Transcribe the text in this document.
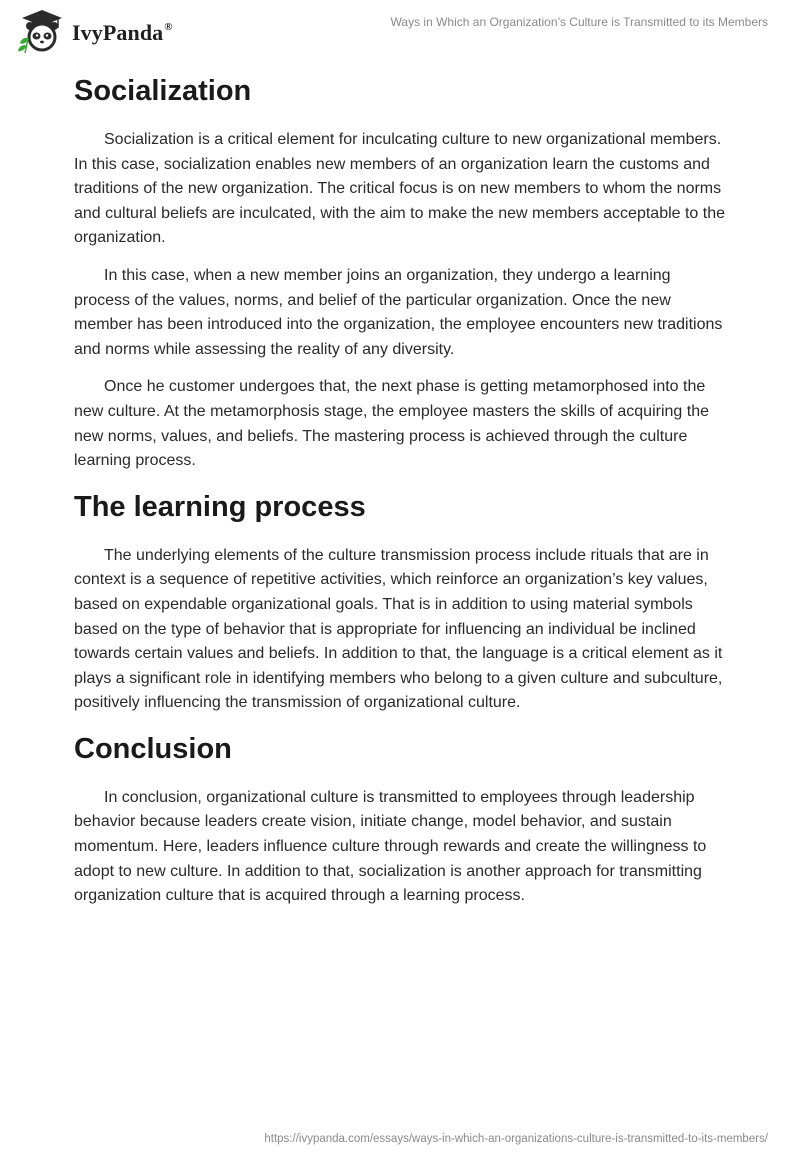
IvyPanda®	Ways in Which an Organization’s Culture is Transmitted to its Members
Socialization

Socialization is a critical element for inculcating culture to new organizational members. In this case, socialization enables new members of an organization learn the customs and traditions of the new organization. The critical focus is on new members to whom the norms and cultural beliefs are inculcated, with the aim to make the new members acceptable to the organization.

In this case, when a new member joins an organization, they undergo a learning process of the values, norms, and belief of the particular organization. Once the new member has been introduced into the organization, the employee encounters new traditions and norms while assessing the reality of any diversity.

Once he customer undergoes that, the next phase is getting metamorphosed into the new culture. At the metamorphosis stage, the employee masters the skills of acquiring the new norms, values, and beliefs. The mastering process is achieved through the culture learning process.

The learning process

The underlying elements of the culture transmission process include rituals that are in context is a sequence of repetitive activities, which reinforce an organization’s key values, based on expendable organizational goals. That is in addition to using material symbols based on the type of behavior that is appropriate for influencing an individual be inclined towards certain values and beliefs. In addition to that, the language is a critical element as it plays a significant role in identifying members who belong to a given culture and subculture, positively influencing the transmission of organizational culture.

Conclusion

In conclusion, organizational culture is transmitted to employees through leadership behavior because leaders create vision, initiate change, model behavior, and sustain momentum. Here, leaders influence culture through rewards and create the willingness to adopt to new culture. In addition to that, socialization is another approach for transmitting organization culture that is acquired through a learning process.

https://ivypanda.com/essays/ways-in-which-an-organizations-culture-is-transmitted-to-its-members/
